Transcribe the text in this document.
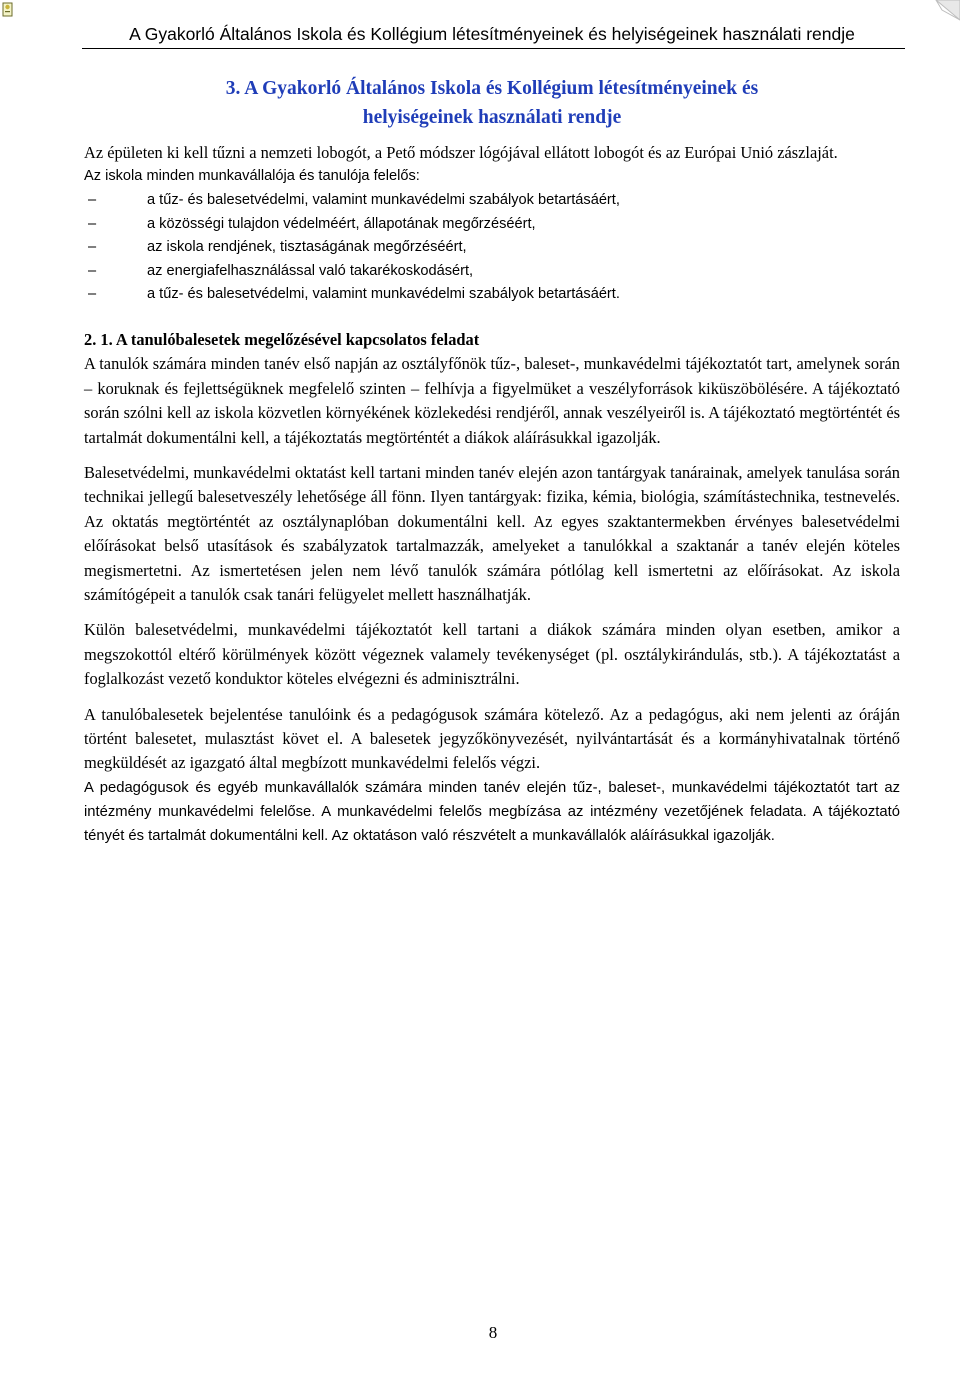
A Gyakorló Általános Iskola és Kollégium létesítményeinek és helyiségeinek használati rendje
3. A Gyakorló Általános Iskola és Kollégium létesítményeinek és
helyiségeinek használati rendje

Az épületen ki kell tűzni a nemzeti lobogót, a Pető módszer lógójával ellátott lobogót és az Európai Unió zászlaját.

Az iskola minden munkavállalója és tanulója felelős:
–	a tűz- és balesetvédelmi, valamint munkavédelmi szabályok betartásáért,
–	a közösségi tulajdon védelméért, állapotának megőrzéséért,
–	az iskola rendjének, tisztaságának megőrzéséért,
–	az energiafelhasználással való takarékoskodásért,
–	a tűz- és balesetvédelmi, valamint munkavédelmi szabályok betartásáért.
2. 1. A tanulóbalesetek megelőzésével kapcsolatos feladat

A tanulók számára minden tanév első napján az osztályfőnök tűz-, baleset-, munkavédelmi tájékoztatót tart, amelynek során – koruknak és fejlettségüknek megfelelő szinten – felhívja a figyelmüket a veszélyforrások kiküszöbölésére. A tájékoztató során szólni kell az iskola közvetlen környékének közlekedési rendjéről, annak veszélyeiről is. A tájékoztató megtörténtét és tartalmát dokumentálni kell, a tájékoztatás megtörténtét a diákok aláírásukkal igazolják.

Balesetvédelmi, munkavédelmi oktatást kell tartani minden tanév elején azon tantárgyak tanárainak, amelyek tanulása során technikai jellegű balesetveszély lehetősége áll fönn. Ilyen tantárgyak: fizika, kémia, biológia, számítástechnika, testnevelés. Az oktatás megtörténtét az osztálynaplóban dokumentálni kell. Az egyes szaktantermekben érvényes balesetvédelmi előírásokat belső utasítások és szabályzatok tartalmazzák, amelyeket a tanulókkal a szaktanár a tanév elején köteles megismertetni. Az ismertetésen jelen nem lévő tanulók számára pótlólag kell ismertetni az előírásokat. Az iskola számítógépeit a tanulók csak tanári felügyelet mellett használhatják.

Külön balesetvédelmi, munkavédelmi tájékoztatót kell tartani a diákok számára minden olyan esetben, amikor a megszokottól eltérő körülmények között végeznek valamely tevékenységet (pl. osztálykirándulás, stb.). A tájékoztatást a foglalkozást vezető konduktor köteles elvégezni és adminisztrálni.

A tanulóbalesetek bejelentése tanulóink és a pedagógusok számára kötelező. Az a pedagógus, aki nem jelenti az óráján történt balesetet, mulasztást követ el. A balesetek jegyzőkönyvezését, nyilvántartását és a kormányhivatalnak történő megküldését az igazgató által megbízott munkavédelmi felelős végzi.

A pedagógusok és egyéb munkavállalók számára minden tanév elején tűz-, baleset-, munkavédelmi tájékoztatót tart az intézmény munkavédelmi felelőse. A munkavédelmi felelős megbízása az intézmény vezetőjének feladata. A tájékoztató tényét és tartalmát dokumentálni kell. Az oktatáson való részvételt a munkavállalók aláírásukkal igazolják.

8
